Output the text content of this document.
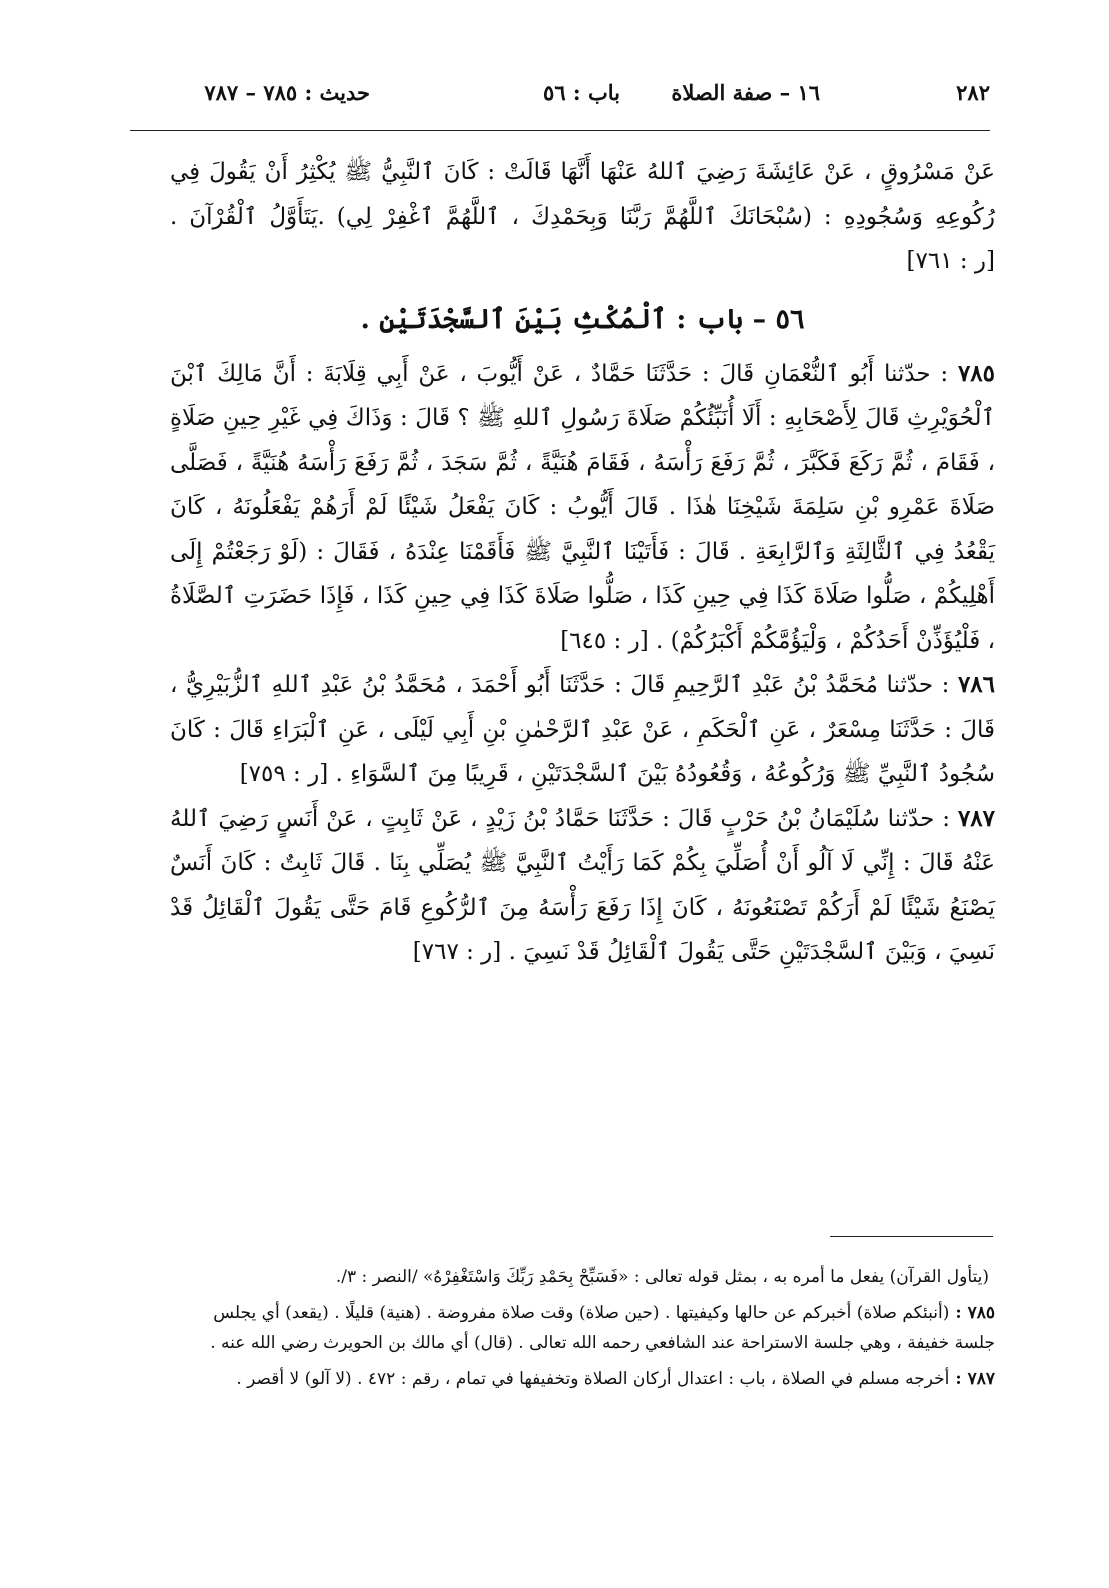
٢٨٢
١٦ – صفة الصلاة
باب : ٥٦
حديث : ٧٨٥ – ٧٨٧

عَنْ مَسْرُوقٍ ، عَنْ عَائِشَةَ رَضِيَ ٱللهُ عَنْهَا أَنَّهَا قَالَتْ : كَانَ ٱلنَّبِيُّ ﷺ يُكْثِرُ أَنْ يَقُولَ فِي رُكُوعِهِ وَسُجُودِهِ : (سُبْحَانَكَ ٱللَّهُمَّ رَبَّنَا وَبِحَمْدِكَ ، ٱللَّهُمَّ ٱغْفِرْ لِي) .يَتَأَوَّلُ ٱلْقُرْآنَ . [ر : ٧٦١]

٥٦ – باب : ٱلْمُكْثِ بَيْنَ ٱلسَّجْدَتَيْنِ .

٧٨٥ : حدّثنا أَبُو ٱلنُّعْمَانِ قَالَ : حَدَّثَنَا حَمَّادٌ ، عَنْ أَيُّوبَ ، عَنْ أَبِي قِلَابَةَ : أَنَّ مَالِكَ ٱبْنَ ٱلْحُوَيْرِثِ قَالَ لِأَصْحَابِهِ : أَلَا أُنَبِّئُكُمْ صَلَاةَ رَسُولِ ٱللهِ ﷺ ؟ قَالَ : وَذَاكَ فِي غَيْرِ حِينِ صَلَاةٍ ، فَقَامَ ، ثُمَّ رَكَعَ فَكَبَّرَ ، ثُمَّ رَفَعَ رَأْسَهُ ، فَقَامَ هُنَيَّةً ، ثُمَّ سَجَدَ ، ثُمَّ رَفَعَ رَأْسَهُ هُنَيَّةً ، فَصَلَّى صَلَاةَ عَمْرِو بْنِ سَلِمَةَ شَيْخِنَا هٰذَا . قَالَ أَيُّوبُ : كَانَ يَفْعَلُ شَيْئًا لَمْ أَرَهُمْ يَفْعَلُونَهُ ، كَانَ يَقْعُدُ فِي ٱلثَّالِثَةِ وَٱلرَّابِعَةِ . قَالَ : فَأَتَيْنَا ٱلنَّبِيَّ ﷺ فَأَقَمْنَا عِنْدَهُ ، فَقَالَ : (لَوْ رَجَعْتُمْ إِلَى أَهْلِيكُمْ ، صَلُّوا صَلَاةَ كَذَا فِي حِينِ كَذَا ، صَلُّوا صَلَاةَ كَذَا فِي حِينِ كَذَا ، فَإِذَا حَضَرَتِ ٱلصَّلَاةُ ، فَلْيُؤَذِّنْ أَحَدُكُمْ ، وَلْيَؤُمَّكُمْ أَكْبَرُكُمْ) . [ر : ٦٤٥]

٧٨٦ : حدّثنا مُحَمَّدُ بْنُ عَبْدِ ٱلرَّحِيمِ قَالَ : حَدَّثَنَا أَبُو أَحْمَدَ ، مُحَمَّدُ بْنُ عَبْدِ ٱللهِ ٱلزُّبَيْرِيُّ ، قَالَ : حَدَّثَنَا مِسْعَرٌ ، عَنِ ٱلْحَكَمِ ، عَنْ عَبْدِ ٱلرَّحْمٰنِ بْنِ أَبِي لَيْلَى ، عَنِ ٱلْبَرَاءِ قَالَ : كَانَ سُجُودُ ٱلنَّبِيِّ ﷺ وَرُكُوعُهُ ، وَقُعُودُهُ بَيْنَ ٱلسَّجْدَتَيْنِ ، قَرِيبًا مِنَ ٱلسَّوَاءِ . [ر : ٧٥٩]

٧٨٧ : حدّثنا سُلَيْمَانُ بْنُ حَرْبٍ قَالَ : حَدَّثَنَا حَمَّادُ بْنُ زَيْدٍ ، عَنْ ثَابِتٍ ، عَنْ أَنَسٍ رَضِيَ ٱللهُ عَنْهُ قَالَ : إِنِّي لَا آلُو أَنْ أُصَلِّيَ بِكُمْ كَمَا رَأَيْتُ ٱلنَّبِيَّ ﷺ يُصَلِّي بِنَا . قَالَ ثَابِتٌ : كَانَ أَنَسٌ يَصْنَعُ شَيْئًا لَمْ أَرَكُمْ تَصْنَعُونَهُ ، كَانَ إِذَا رَفَعَ رَأْسَهُ مِنَ ٱلرُّكُوعِ قَامَ حَتَّى يَقُولَ ٱلْقَائِلُ قَدْ نَسِيَ ، وَبَيْنَ ٱلسَّجْدَتَيْنِ حَتَّى يَقُولَ ٱلْقَائِلُ قَدْ نَسِيَ . [ر : ٧٦٧]

(يتأول القرآن) يفعل ما أمره به ، بمثل قوله تعالى : «فَسَبِّحْ بِحَمْدِ رَبِّكَ وَاسْتَغْفِرْهُ» /النصر : ٣/.

٧٨٥ :(أنبئكم صلاة) أخبركم عن حالها وكيفيتها . (حين صلاة) وقت صلاة مفروضة . (هنية) قليلًا . (يقعد) أي يجلس جلسة خفيفة ، وهي جلسة الاستراحة عند الشافعي رحمه الله تعالى . (قال) أي مالك بن الحويرث رضي الله عنه .

٧٨٧ :أخرجه مسلم في الصلاة ، باب : اعتدال أركان الصلاة وتخفيفها في تمام ، رقم : ٤٧٢ . (لا آلو) لا أقصر .
